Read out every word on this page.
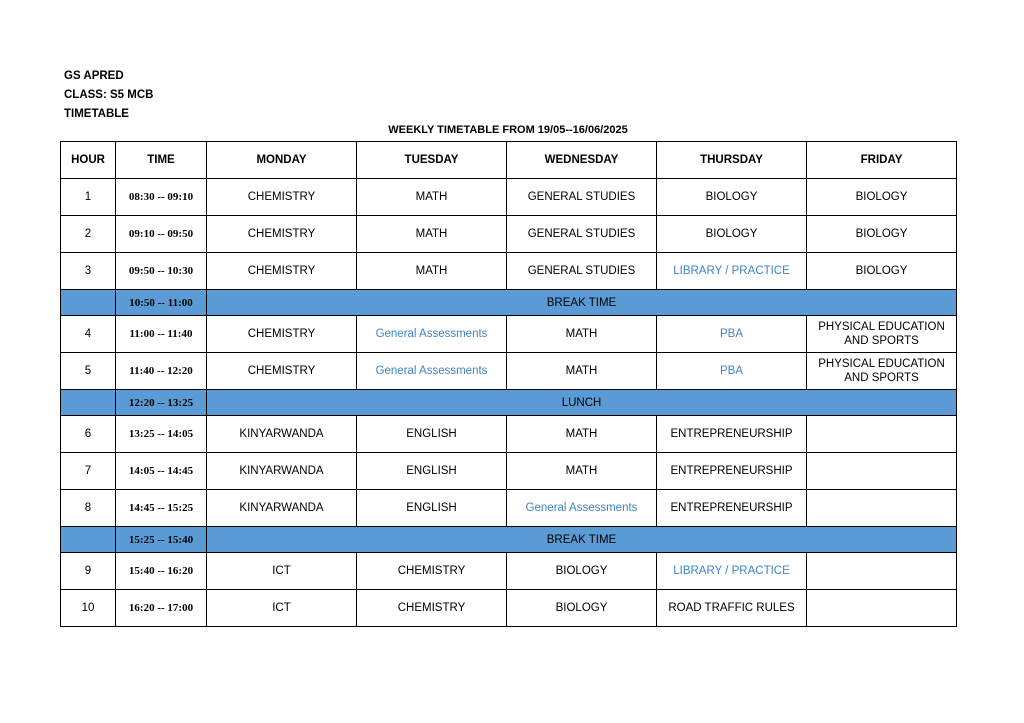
GS APRED
CLASS: S5 MCB
TIMETABLE
WEEKLY TIMETABLE FROM 19/05--16/06/2025
HOUR	TIME	MONDAY	TUESDAY	WEDNESDAY	THURSDAY	FRIDAY
1	08:30 -- 09:10	CHEMISTRY	MATH	GENERAL STUDIES	BIOLOGY	BIOLOGY
2	09:10 -- 09:50	CHEMISTRY	MATH	GENERAL STUDIES	BIOLOGY	BIOLOGY
3	09:50 -- 10:30	CHEMISTRY	MATH	GENERAL STUDIES	LIBRARY / PRACTICE	BIOLOGY
	10:50 -- 11:00	BREAK TIME				
4	11:00 -- 11:40	CHEMISTRY	General Assessments	MATH	PBA	PHYSICAL EDUCATION AND SPORTS
5	11:40 -- 12:20	CHEMISTRY	General Assessments	MATH	PBA	PHYSICAL EDUCATION AND SPORTS
	12:20 -- 13:25	LUNCH				
6	13:25 -- 14:05	KINYARWANDA	ENGLISH	MATH	ENTREPRENEURSHIP	
7	14:05 -- 14:45	KINYARWANDA	ENGLISH	MATH	ENTREPRENEURSHIP	
8	14:45 -- 15:25	KINYARWANDA	ENGLISH	General Assessments	ENTREPRENEURSHIP	
	15:25 -- 15:40	BREAK TIME				
9	15:40 -- 16:20	ICT	CHEMISTRY	BIOLOGY	LIBRARY / PRACTICE	
10	16:20 -- 17:00	ICT	CHEMISTRY	BIOLOGY	ROAD TRAFFIC RULES	
